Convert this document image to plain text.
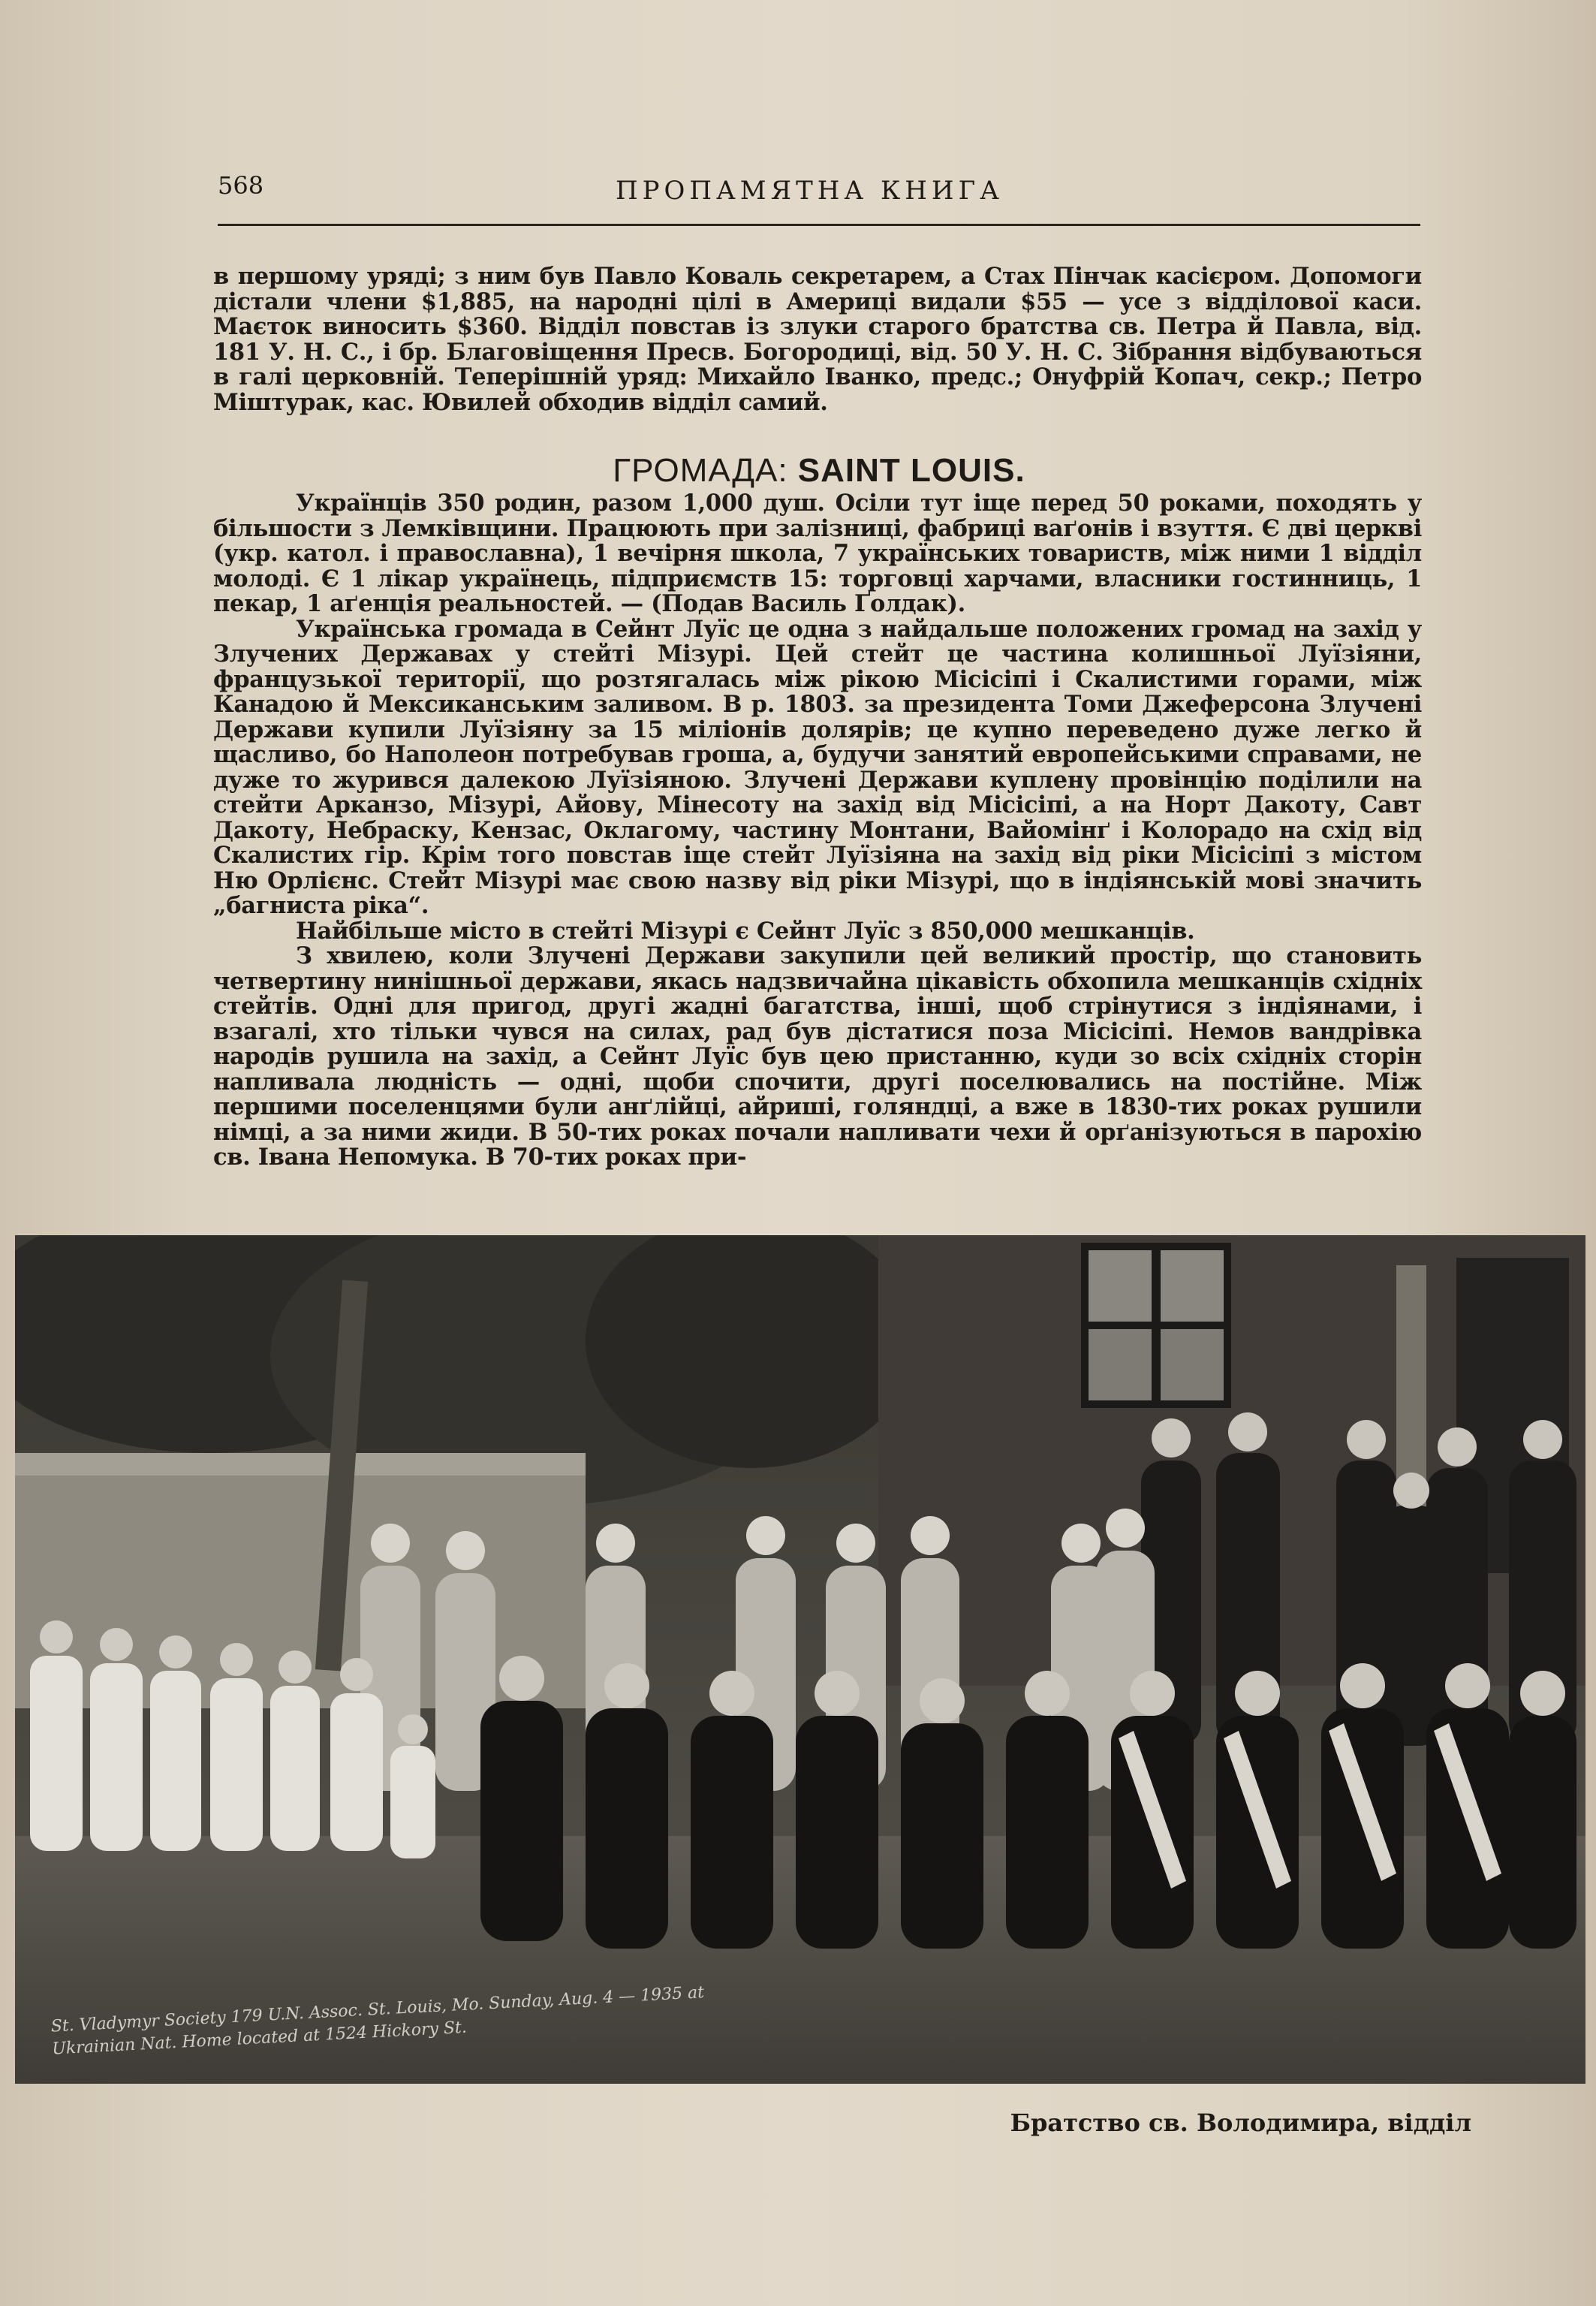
568	ПРОПАМЯТНА КНИГА
в першому уряді; з ним був Павло Коваль секретарем, а Стах Пінчак касієром. Допомоги дістали члени $1,885, на народні цілі в Америці видали $55 — усе з відділової каси. Маєток виносить $360. Відділ повстав із злуки старого братства св. Петра й Павла, від. 181 У. Н. С., і бр. Благовіщення Пресв. Богородиці, від. 50 У. Н. С. Зібрання відбуваються в галі церковній. Теперішній уряд: Михайло Іванко, предс.; Онуфрій Копач, секр.; Петро Міштурак, кас. Ювилей обходив відділ самий.
ГРОМАДА: SAINT LOUIS.

Українців 350 родин, разом 1,000 душ. Осіли тут іще перед 50 роками, походять у більшости з Лемківщини. Працюють при залізниці, фабриці ваґонів і взуття. Є дві церкві (укр. катол. і православна), 1 вечірня школа, 7 українських товариств, між ними 1 відділ молоді. Є 1 лікар українець, підприємств 15: торговці харчами, власники гостинниць, 1 пекар, 1 аґенція реальностей. — (Подав Василь Ґолдак).

Українська громада в Сейнт Луїс це одна з найдальше положених громад на захід у Злучених Державах у стейті Мізурі. Цей стейт це частина колишньої Луїзіяни, французької території, що розтягалась між рікою Місісіпі і Скалистими горами, між Канадою й Мексиканським заливом. В р. 1803. за президента Томи Джеферсона Злучені Держави купили Луїзіяну за 15 міліонів долярів; це купно переведено дуже легко й щасливо, бо Наполеон потребував гроша, а, будучи занятий европейськими справами, не дуже то журився далекою Луїзіяною. Злучені Держави куплену провінцію поділили на стейти Арканзо, Мізурі, Айову, Мінесоту на захід від Місісіпі, а на Норт Дакоту, Савт Дакоту, Небраску, Кензас, Оклагому, частину Монтани, Вайомінґ і Колорадо на схід від Скалистих гір. Крім того повстав іще стейт Луїзіяна на захід від ріки Місісіпі з містом Ню Орлієнс. Стейт Мізурі має свою назву від ріки Мізурі, що в індіянській мові значить „багниста ріка“.

Найбільше місто в стейті Мізурі є Сейнт Луїс з 850,000 мешканців.

З хвилею, коли Злучені Держави закупили цей великий простір, що становить четвертину нинішньої держави, якась надзвичайна цікавість обхопила мешканців східніх стейтів. Одні для пригод, другі жадні багатства, інші, щоб стрінутися з індіянами, і взагалі, хто тільки чувся на силах, рад був дістатися поза Місісіпі. Немов вандрівка народів рушила на захід, а Сейнт Луїс був цею пристанню, куди зо всіх східніх сторін напливала людність — одні, щоби спочити, другі поселювались на постійне. Між першими поселенцями були анґлійці, айриші, голяндці, а вже в 1830-тих роках рушили німці, а за ними жиди. В 50-тих роках почали напливати чехи й орґанізуються в парохію св. Івана Непомука. В 70-тих роках при-

St. Vladymyr Society 179 U.N. Assoc. St. Louis, Mo. Sunday, Aug. 4 — 1935 at Ukrainian Nat. Home located at 1524 Hickory St.
Братство св. Володимира, відділ
